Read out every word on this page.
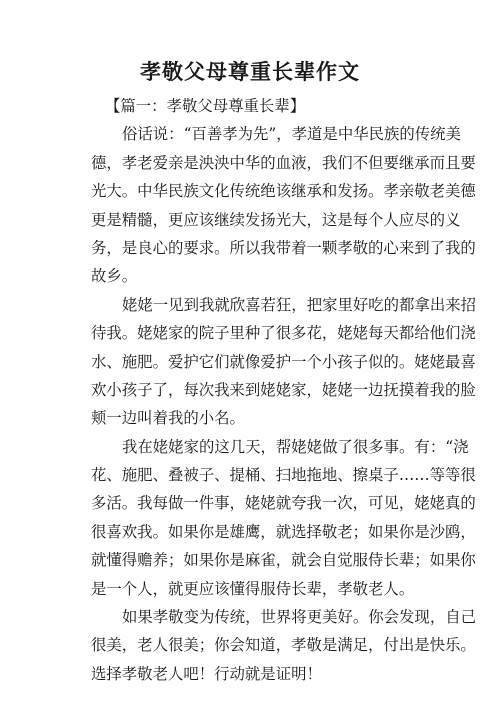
孝敬父母尊重长辈作文
【篇一：孝敬父母尊重长辈】
俗话说：“百善孝为先”，孝道是中华民族的传统美
德，孝老爱亲是泱泱中华的血液，我们不但要继承而且要
光大。中华民族文化传统绝该继承和发扬。孝亲敬老美德
更是精髓，更应该继续发扬光大，这是每个人应尽的义
务，是良心的要求。所以我带着一颗孝敬的心来到了我的
故乡。
姥姥一见到我就欣喜若狂，把家里好吃的都拿出来招
待我。姥姥家的院子里种了很多花，姥姥每天都给他们浇
水、施肥。爱护它们就像爱护一个小孩子似的。姥姥最喜
欢小孩子了，每次我来到姥姥家，姥姥一边抚摸着我的脸
颊一边叫着我的小名。
我在姥姥家的这几天，帮姥姥做了很多事。有：“浇
花、施肥、叠被子、提桶、扫地拖地、擦桌子……等等很
多活。我每做一件事，姥姥就夸我一次，可见，姥姥真的
很喜欢我。如果你是雄鹰，就选择敬老；如果你是沙鸥，
就懂得赡养；如果你是麻雀，就会自觉服侍长辈；如果你
是一个人，就更应该懂得服侍长辈，孝敬老人。
如果孝敬变为传统，世界将更美好。你会发现，自己
很美，老人很美；你会知道，孝敬是满足，付出是快乐。
选择孝敬老人吧！行动就是证明！
